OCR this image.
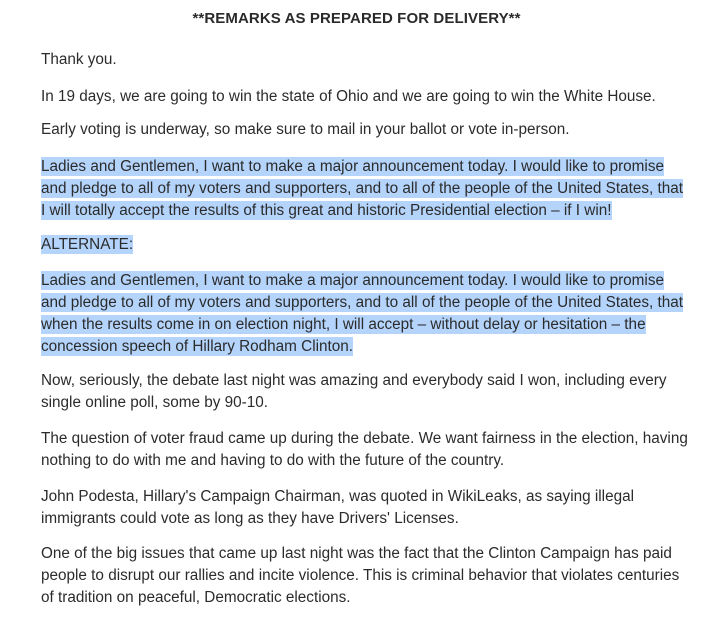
**REMARKS AS PREPARED FOR DELIVERY**
Thank you.
In 19 days, we are going to win the state of Ohio and we are going to win the White House.
Early voting is underway, so make sure to mail in your ballot or vote in-person.
Ladies and Gentlemen, I want to make a major announcement today. I would like to promise and pledge to all of my voters and supporters, and to all of the people of the United States, that I will totally accept the results of this great and historic Presidential election – if I win!
ALTERNATE:
Ladies and Gentlemen, I want to make a major announcement today. I would like to promise and pledge to all of my voters and supporters, and to all of the people of the United States, that when the results come in on election night, I will accept – without delay or hesitation – the concession speech of Hillary Rodham Clinton.
Now, seriously, the debate last night was amazing and everybody said I won, including every single online poll, some by 90-10.
The question of voter fraud came up during the debate. We want fairness in the election, having nothing to do with me and having to do with the future of the country.
John Podesta, Hillary's Campaign Chairman, was quoted in WikiLeaks, as saying illegal immigrants could vote as long as they have Drivers' Licenses.
One of the big issues that came up last night was the fact that the Clinton Campaign has paid people to disrupt our rallies and incite violence. This is criminal behavior that violates centuries of tradition on peaceful, Democratic elections.
